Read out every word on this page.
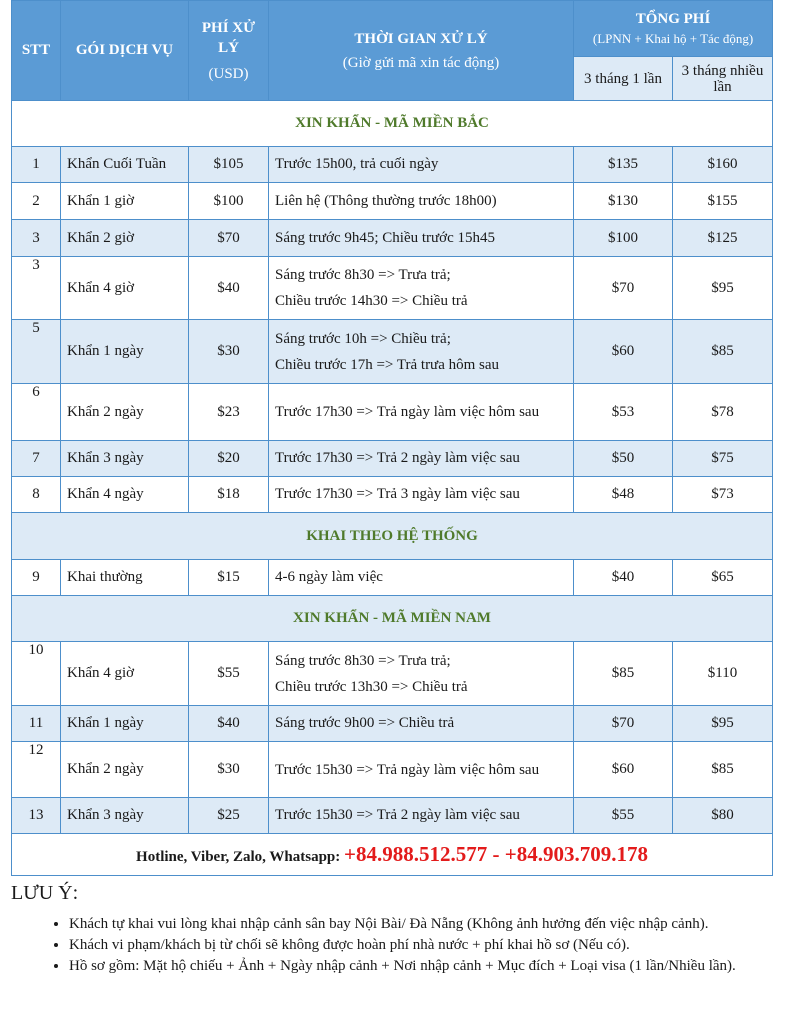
STT	GÓI DỊCH VỤ	PHÍ XỬ LÝ
(USD)	THỜI GIAN XỬ LÝ
(Giờ gửi mã xin tác động)	TỔNG PHÍ
(LPNN + Khai hộ + Tác động)	

				3 tháng 1 lần	3 tháng nhiều lần
XIN KHẨN - MÃ MIỀN BẮC					
1	Khẩn Cuối Tuần	$105	Trước 15h00, trả cuối ngày	$135	$160
2	Khẩn 1 giờ	$100	Liên hệ (Thông thường trước 18h00)	$130	$155
3	Khẩn 2 giờ	$70	Sáng trước 9h45; Chiều trước 15h45	$100	$125
3	Khẩn 4 giờ	$40	Sáng trước 8h30 => Trưa trả;
Chiều trước 14h30 => Chiều trả	$70	$95
5	Khẩn 1 ngày	$30	Sáng trước 10h => Chiều trả;
Chiều trước 17h => Trả trưa hôm sau	$60	$85
6	Khẩn 2 ngày	$23	Trước 17h30 => Trả ngày làm việc hôm sau	$53	$78
7	Khẩn 3 ngày	$20	Trước 17h30 => Trả 2 ngày làm việc sau	$50	$75
8	Khẩn 4 ngày	$18	Trước 17h30 => Trả 3 ngày làm việc sau	$48	$73
KHAI THEO HỆ THỐNG					
9	Khai thường	$15	4-6 ngày làm việc	$40	$65
XIN KHẨN - MÃ MIỀN NAM					
10	Khẩn 4 giờ	$55	Sáng trước 8h30 => Trưa trả;
Chiều trước 13h30 => Chiều trả	$85	$110
11	Khẩn 1 ngày	$40	Sáng trước 9h00 => Chiều trả	$70	$95
12	Khẩn 2 ngày	$30	Trước 15h30 => Trả ngày làm việc hôm sau	$60	$85
13	Khẩn 3 ngày	$25	Trước 15h30 => Trả 2 ngày làm việc sau	$55	$80
Hotline, Viber, Zalo, Whatsapp: +84.988.512.577 - +84.903.709.178					
LƯU Ý:
• Khách tự khai vui lòng khai nhập cảnh sân bay Nội Bài/ Đà Nẵng (Không ảnh hưởng đến việc nhập cảnh).
• Khách vi phạm/khách bị từ chối sẽ không được hoàn phí nhà nước + phí khai hồ sơ (Nếu có).
• Hồ sơ gồm: Mặt hộ chiếu + Ảnh + Ngày nhập cảnh + Nơi nhập cảnh + Mục đích + Loại visa (1 lần/Nhiều lần).
